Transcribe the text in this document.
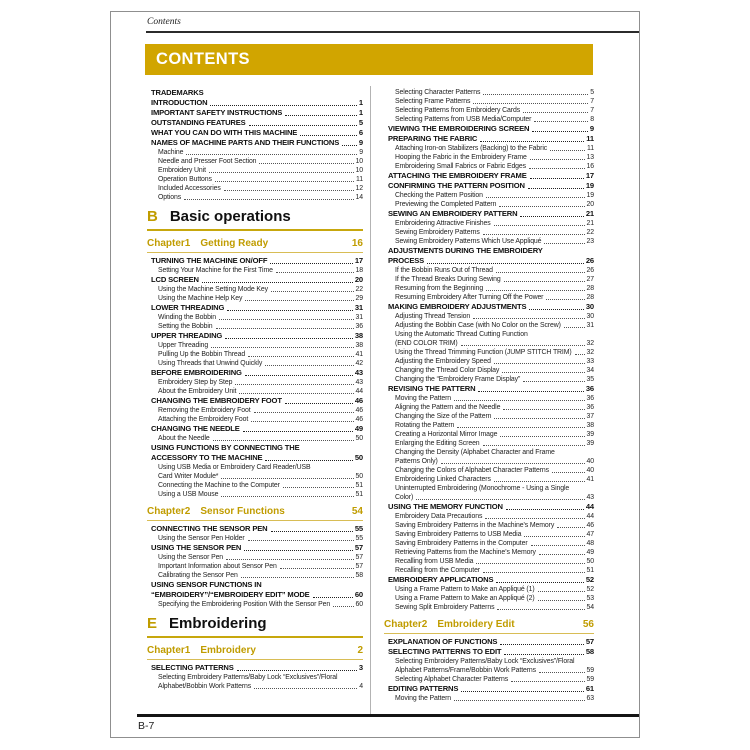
Contents
CONTENTS
TRADEMARKS
INTRODUCTION	1
IMPORTANT SAFETY INSTRUCTIONS	1
OUTSTANDING FEATURES	5
WHAT YOU CAN DO WITH THIS MACHINE	6
NAMES OF MACHINE PARTS AND THEIR FUNCTIONS	9
Machine	9
Needle and Presser Foot Section	10
Embroidery Unit	10
Operation Buttons	11
Included Accessories	12
Options	14
B Basic operations
Chapter1 Getting Ready	16
TURNING THE MACHINE ON/OFF	17
Setting Your Machine for the First Time	18
LCD SCREEN	20
Using the Machine Setting Mode Key	22
Using the Machine Help Key	29
LOWER THREADING	31
Winding the Bobbin	31
Setting the Bobbin	36
UPPER THREADING	38
Upper Threading	38
Pulling Up the Bobbin Thread	41
Using Threads that Unwind Quickly	42
BEFORE EMBROIDERING	43
Embroidery Step by Step	43
About the Embroidery Unit	44
CHANGING THE EMBROIDERY FOOT	46
Removing the Embroidery Foot	46
Attaching the Embroidery Foot	46
CHANGING THE NEEDLE	49
About the Needle	50
USING FUNCTIONS BY CONNECTING THE
ACCESSORY TO THE MACHINE	50
Using USB Media or Embroidery Card Reader/USB
Card Writer Module*	50
Connecting the Machine to the Computer	51
Using a USB Mouse	51
Chapter2 Sensor Functions	54
CONNECTING THE SENSOR PEN	55
Using the Sensor Pen Holder	55
USING THE SENSOR PEN	57
Using the Sensor Pen	57
Important Information about Sensor Pen	57
Calibrating the Sensor Pen	58
USING SENSOR FUNCTIONS IN
“EMBROIDERY”/“EMBROIDERY EDIT” MODE	60
Specifying the Embroidering Position With the Sensor Pen	60
E Embroidering
Chapter1 Embroidery	2
SELECTING PATTERNS	3
Selecting Embroidery Patterns/Baby Lock “Exclusives”/Floral
Alphabet/Bobbin Work Patterns	4
Selecting Character Patterns	5
Selecting Frame Patterns	7
Selecting Patterns from Embroidery Cards	7
Selecting Patterns from USB Media/Computer	8
VIEWING THE EMBROIDERING SCREEN	9
PREPARING THE FABRIC	11
Attaching Iron-on Stabilizers (Backing) to the Fabric	11
Hooping the Fabric in the Embroidery Frame	13
Embroidering Small Fabrics or Fabric Edges	16
ATTACHING THE EMBROIDERY FRAME	17
CONFIRMING THE PATTERN POSITION	19
Checking the Pattern Position	19
Previewing the Completed Pattern	20
SEWING AN EMBROIDERY PATTERN	21
Embroidering Attractive Finishes	21
Sewing Embroidery Patterns	22
Sewing Embroidery Patterns Which Use Appliqué	23
ADJUSTMENTS DURING THE EMBROIDERY
PROCESS	26
If the Bobbin Runs Out of Thread	26
If the Thread Breaks During Sewing	27
Resuming from the Beginning	28
Resuming Embroidery After Turning Off the Power	28
MAKING EMBROIDERY ADJUSTMENTS	30
Adjusting Thread Tension	30
Adjusting the Bobbin Case (with No Color on the Screw)	31
Using the Automatic Thread Cutting Function
(END COLOR TRIM)	32
Using the Thread Trimming Function (JUMP STITCH TRIM) 32
Adjusting the Embroidery Speed	33
Changing the Thread Color Display	34
Changing the “Embroidery Frame Display”	35
REVISING THE PATTERN	36
Moving the Pattern	36
Aligning the Pattern and the Needle	36
Changing the Size of the Pattern	37
Rotating the Pattern	38
Creating a Horizontal Mirror Image	39
Enlarging the Editing Screen	39
Changing the Density (Alphabet Character and Frame
Patterns Only)	40
Changing the Colors of Alphabet Character Patterns	40
Embroidering Linked Characters	41
Uninterrupted Embroidering (Monochrome - Using a Single
Color)	43
USING THE MEMORY FUNCTION	44
Embroidery Data Precautions	44
Saving Embroidery Patterns in the Machine’s Memory	46
Saving Embroidery Patterns to USB Media	47
Saving Embroidery Patterns in the Computer	48
Retrieving Patterns from the Machine’s Memory	49
Recalling from USB Media	50
Recalling from the Computer	51
EMBROIDERY APPLICATIONS	52
Using a Frame Pattern to Make an Appliqué (1)	52
Using a Frame Pattern to Make an Appliqué (2)	53
Sewing Split Embroidery Patterns	54
Chapter2 Embroidery Edit	56
EXPLANATION OF FUNCTIONS	57
SELECTING PATTERNS TO EDIT	58
Selecting Embroidery Patterns/Baby Lock “Exclusives”/Floral
Alphabet Patterns/Frame/Bobbin Work Patterns	59
Selecting Alphabet Character Patterns	59
EDITING PATTERNS	61
Moving the Pattern	63
B-7
